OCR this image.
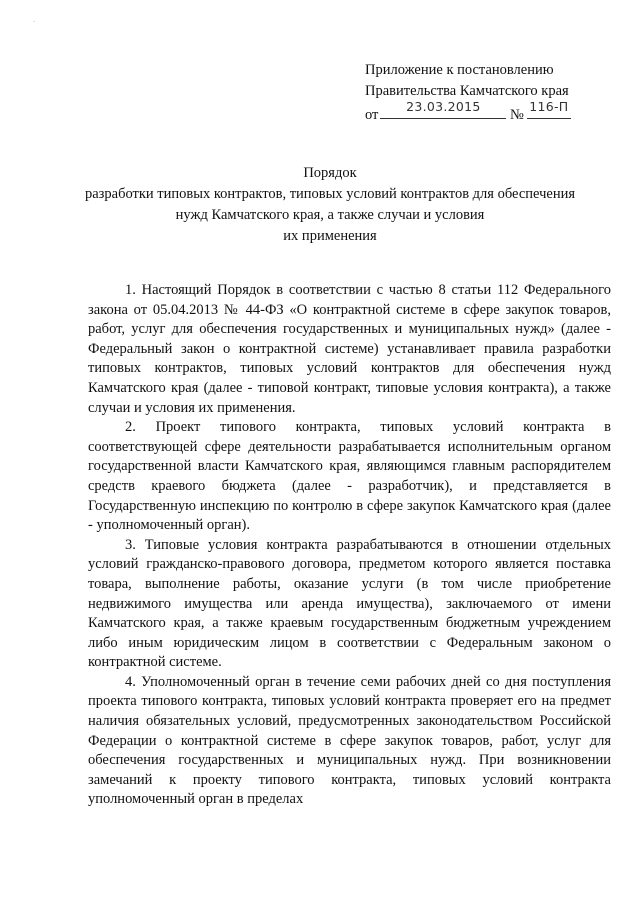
·
Приложение к постановлению
Правительства Камчатского края
от
23.03.2015
№
116-П
Порядок
разработки типовых контрактов, типовых условий контрактов для обеспечения
нужд Камчатского края, а также случаи и условия
их применения

1. Настоящий Порядок в соответствии с частью 8 статьи 112 Федерального закона от 05.04.2013 № 44-ФЗ «О контрактной системе в сфере закупок товаров, работ, услуг для обеспечения государственных и муниципальных нужд» (далее - Федеральный закон о контрактной системе) устанавливает правила разработки типовых контрактов, типовых условий контрактов для обеспечения нужд Камчатского края (далее - типовой контракт, типовые условия контракта), а также случаи и условия их применения.

2. Проект типового контракта, типовых условий контракта в соответствующей сфере деятельности разрабатывается исполнительным органом государственной власти Камчатского края, являющимся главным распорядителем средств краевого бюджета (далее - разработчик), и представляется в Государственную инспекцию по контролю в сфере закупок Камчатского края (далее - уполномоченный орган).

3. Типовые условия контракта разрабатываются в отношении отдельных условий гражданско-правового договора, предметом которого является поставка товара, выполнение работы, оказание услуги (в том числе приобретение недвижимого имущества или аренда имущества), заключаемого от имени Камчатского края, а также краевым государственным бюджетным учреждением либо иным юридическим лицом в соответствии с Федеральным законом о контрактной системе.

4. Уполномоченный орган в течение семи рабочих дней со дня поступления проекта типового контракта, типовых условий контракта проверяет его на предмет наличия обязательных условий, предусмотренных законодательством Российской Федерации о контрактной системе в сфере закупок товаров, работ, услуг для обеспечения государственных и муниципальных нужд. При возникновении замечаний к проекту типового контракта, типовых условий контракта уполномоченный орган в пределах
